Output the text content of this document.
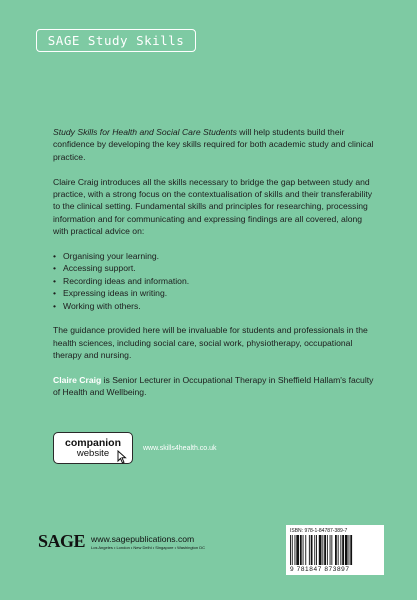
SAGE Study Skills

Study Skills for Health and Social Care Students will help students build their confidence by developing the key skills required for both academic study and clinical practice.

Claire Craig introduces all the skills necessary to bridge the gap between study and practice, with a strong focus on the contextualisation of skills and their transferability to the clinical setting. Fundamental skills and principles for researching, processing information and for communicating and expressing findings are all covered, along with practical advice on:

• Organising your learning.
• Accessing support.
• Recording ideas and information.
• Expressing ideas in writing.
• Working with others.

The guidance provided here will be invaluable for students and professionals in the health sciences, including social care, social work, physiotherapy, occupational therapy and nursing.

Claire Craig is Senior Lecturer in Occupational Therapy in Sheffield Hallam's faculty of Health and Wellbeing.

companion
website	www.skills4health.co.uk
SAGE www.sagepublications.com
Los Angeles • London • New Delhi • Singapore • Washington DC
ISBN: 978-1-84787-389-7
9 781847 873897
